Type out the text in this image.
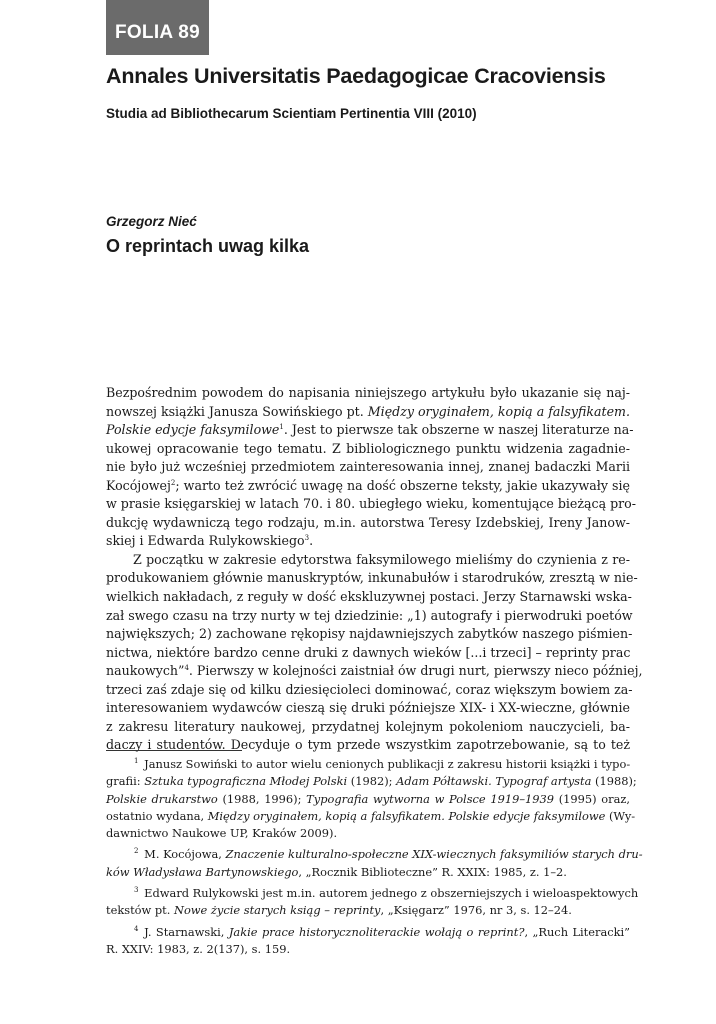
FOLIA 89
Annales Universitatis Paedagogicae Cracoviensis
Studia ad Bibliothecarum Scientiam Pertinentia VIII (2010)
Grzegorz Nieć
O reprintach uwag kilka
Bezpośrednim powodem do napisania niniejszego artykułu było ukazanie się naj-
nowszej książki Janusza Sowińskiego pt. Między oryginałem, kopią a falsyfikatem.
Polskie edycje faksymilowe$^1$. Jest to pierwsze tak obszerne w naszej literaturze na-
ukowej opracowanie tego tematu. Z bibliologicznego punktu widzenia zagadnie-
nie było już wcześniej przedmiotem zainteresowania innej, znanej badaczki Marii
Kocójowej$^2$; warto też zwrócić uwagę na dość obszerne teksty, jakie ukazywały się
w prasie księgarskiej w latach 70. i 80. ubiegłego wieku, komentujące bieżącą pro-
dukcję wydawniczą tego rodzaju, m.in. autorstwa Teresy Izdebskiej, Ireny Janow-
skiej i Edwarda Rulykowskiego$^3$.
Z początku w zakresie edytorstwa faksymilowego mieliśmy do czynienia z re-
produkowaniem głównie manuskryptów, inkunabułów i starodruków, zresztą w nie-
wielkich nakładach, z reguły w dość ekskluzywnej postaci. Jerzy Starnawski wska-
zał swego czasu na trzy nurty w tej dziedzinie: „1) autografy i pierwodruki poetów
największych; 2) zachowane rękopisy najdawniejszych zabytków naszego piśmien-
nictwa, niektóre bardzo cenne druki z dawnych wieków [...i trzeci] – reprinty prac
naukowych”$^4$. Pierwszy w kolejności zaistniał ów drugi nurt, pierwszy nieco później,
trzeci zaś zdaje się od kilku dziesięcioleci dominować, coraz większym bowiem za-
interesowaniem wydawców cieszą się druki późniejsze XIX- i XX-wieczne, głównie
z zakresu literatury naukowej, przydatnej kolejnym pokoleniom nauczycieli, ba-
daczy i studentów. Decyduje o tym przede wszystkim zapotrzebowanie, są to też
$^1$  Janusz Sowiński to autor wielu cenionych publikacji z zakresu historii książki i typo-
grafii: Sztuka typograficzna Młodej Polski (1982); Adam Półtawski. Typograf artysta (1988);
Polskie drukarstwo (1988, 1996); Typografia wytworna w Polsce 1919–1939 (1995) oraz,
ostatnio wydana, Między oryginałem, kopią a falsyfikatem. Polskie edycje faksymilowe (Wy-
dawnictwo Naukowe UP, Kraków 2009).
$^2$  M. Kocójowa, Znaczenie kulturalno-społeczne XIX-wiecznych faksymiliów starych dru-
ków Władysława Bartynowskiego, „Rocznik Biblioteczne” R. XXIX: 1985, z. 1–2.
$^3$  Edward Rulykowski jest m.in. autorem jednego z obszerniejszych i wieloaspektowych
tekstów pt. Nowe życie starych ksiąg – reprinty, „Księgarz” 1976, nr 3, s. 12–24.
$^4$  J. Starnawski, Jakie prace historycznoliterackie wołają o reprint?, „Ruch Literacki”
R. XXIV: 1983, z. 2(137), s. 159.
